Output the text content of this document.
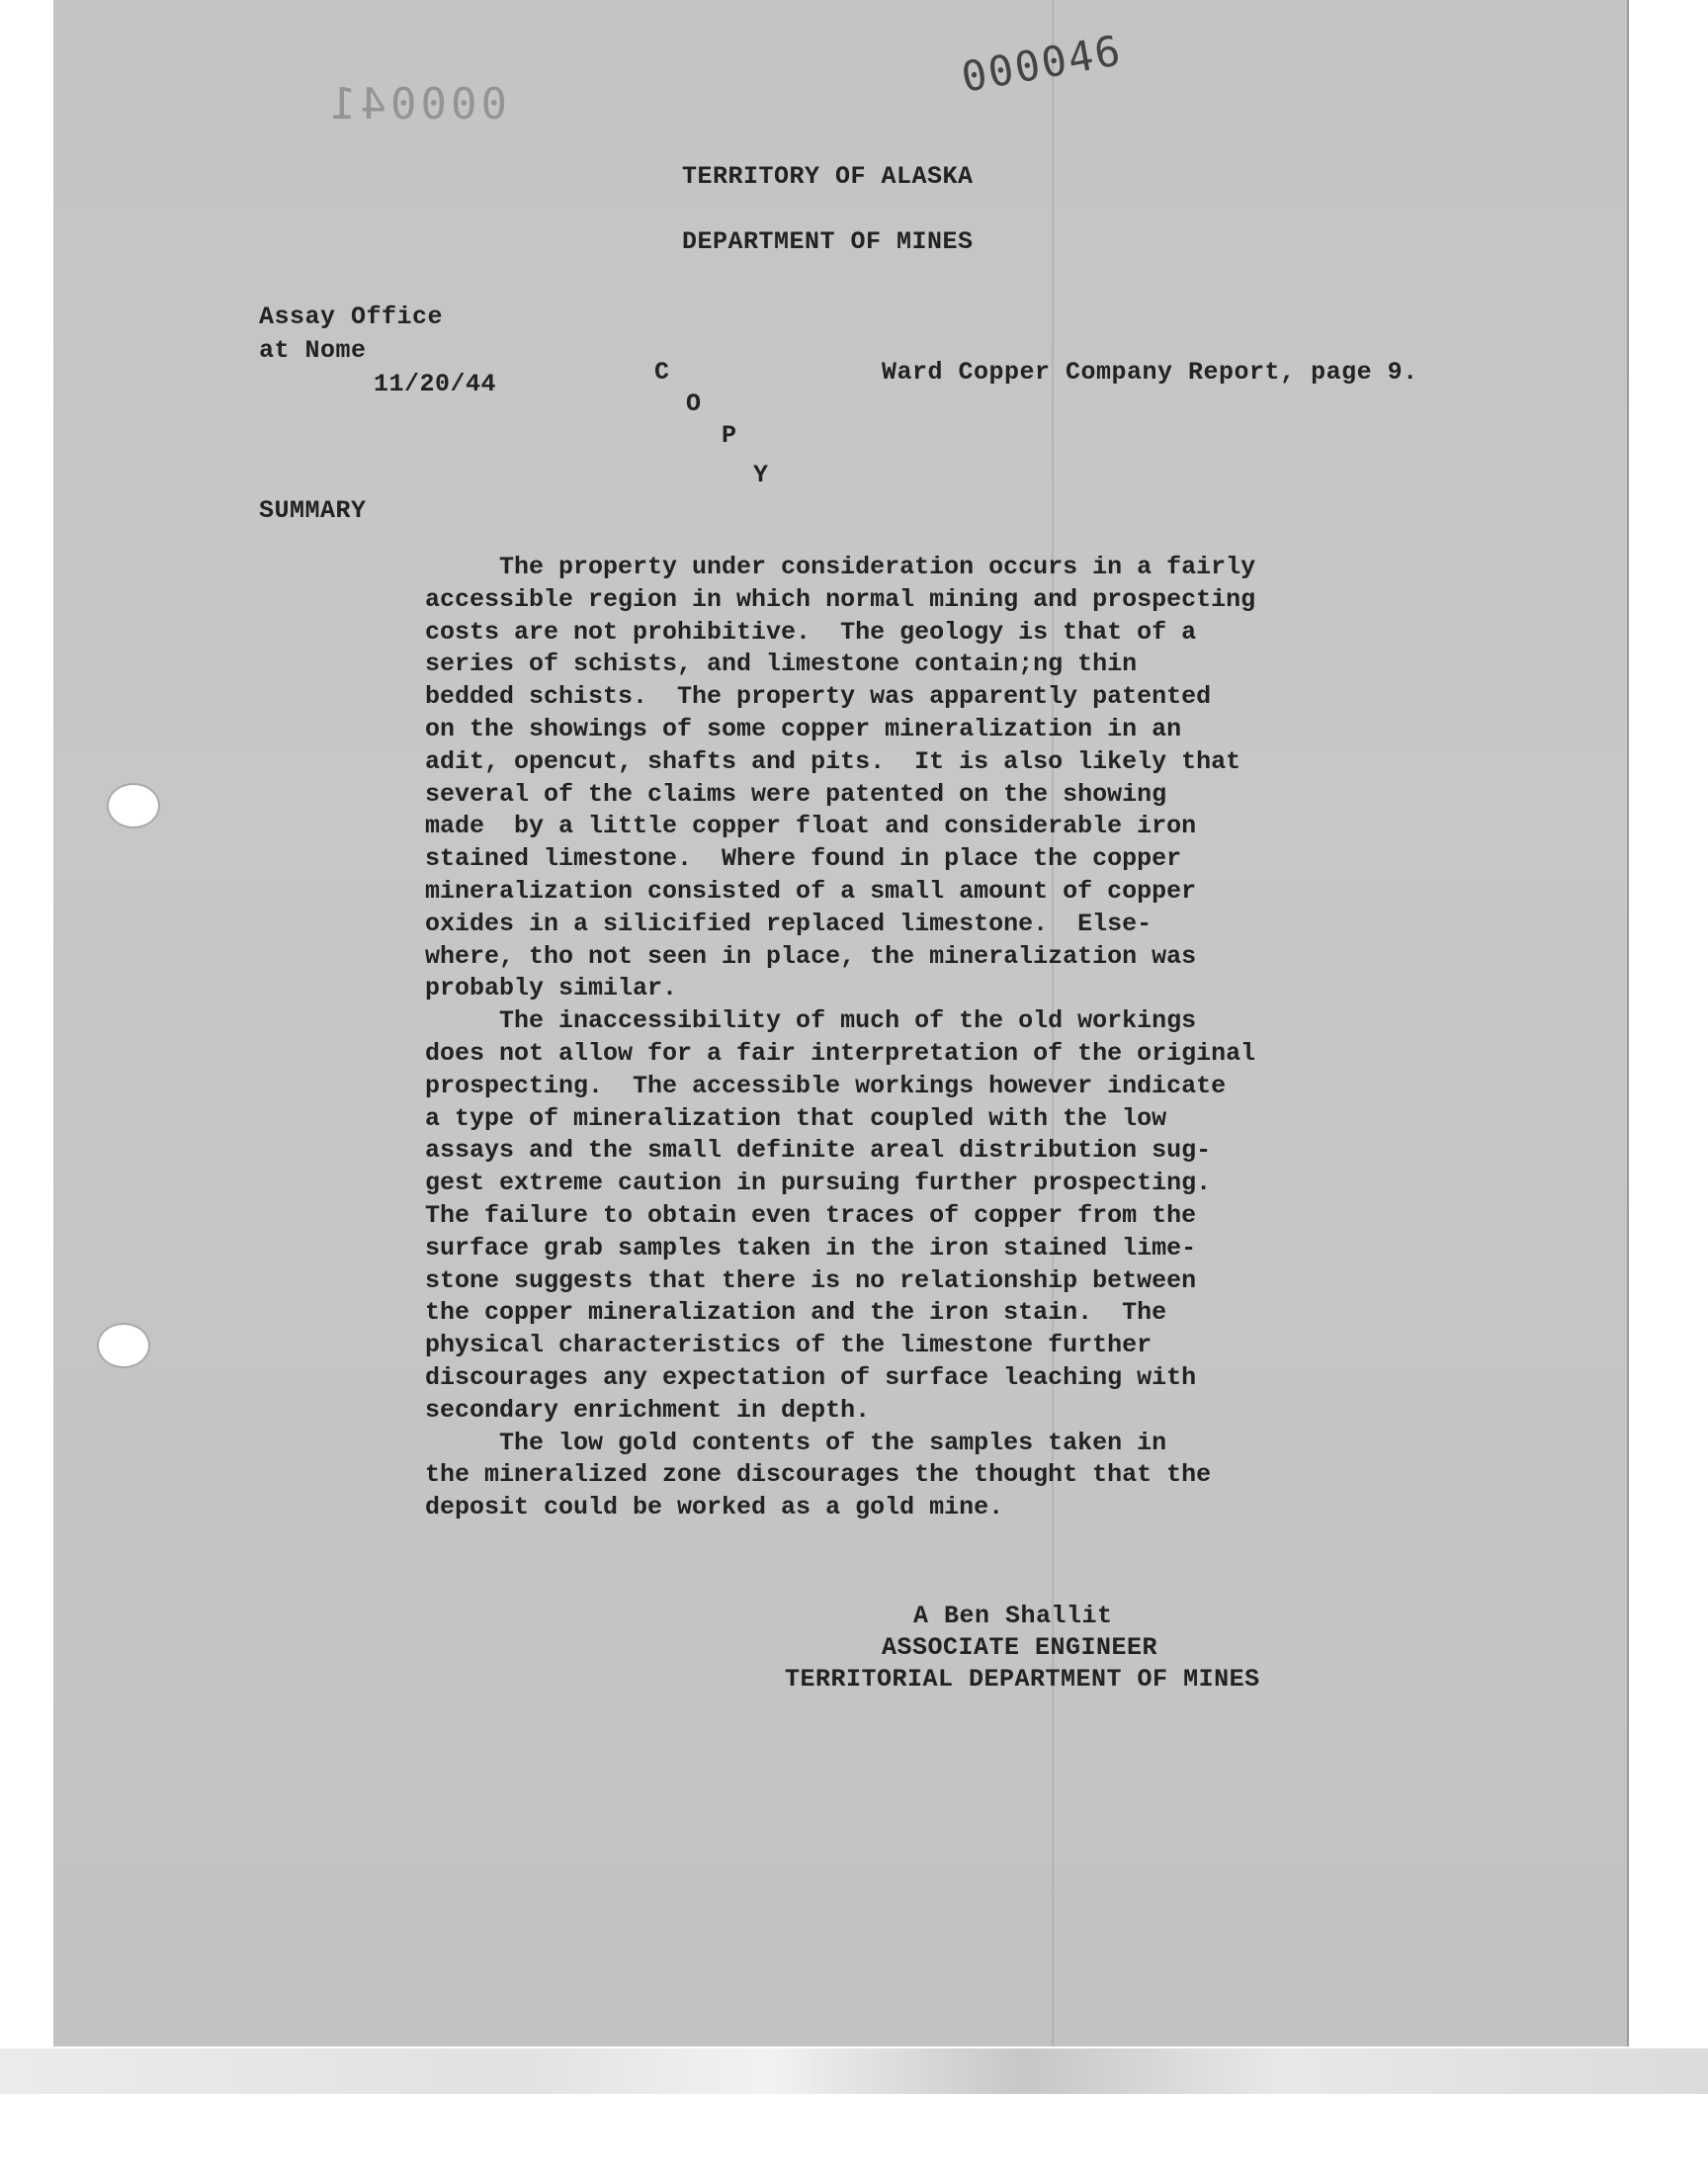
000041
000046
TERRITORY OF ALASKA
DEPARTMENT OF MINES
Assay Office
at Nome
11/20/44	C
O
P
Y
Ward Copper Company Report, page 9.
SUMMARY
The property under consideration occurs in a fairly
accessible region in which normal mining and prospecting
costs are not prohibitive.  The geology is that of a
series of schists, and limestone contain;ng thin
bedded schists.  The property was apparently patented
on the showings of some copper mineralization in an
adit, opencut, shafts and pits.  It is also likely that
several of the claims were patented on the showing
made  by a little copper float and considerable iron
stained limestone.  Where found in place the copper
mineralization consisted of a small amount of copper
oxides in a silicified replaced limestone.  Else-
where, tho not seen in place, the mineralization was
probably similar.
The inaccessibility of much of the old workings
does not allow for a fair interpretation of the original
prospecting.  The accessible workings however indicate
a type of mineralization that coupled with the low
assays and the small definite areal distribution sug-
gest extreme caution in pursuing further prospecting.
The failure to obtain even traces of copper from the
surface grab samples taken in the iron stained lime-
stone suggests that there is no relationship between
the copper mineralization and the iron stain.  The
physical characteristics of the limestone further
discourages any expectation of surface leaching with
secondary enrichment in depth.
The low gold contents of the samples taken in
the mineralized zone discourages the thought that the
deposit could be worked as a gold mine.
A Ben Shallit
ASSOCIATE ENGINEER
TERRITORIAL DEPARTMENT OF MINES
